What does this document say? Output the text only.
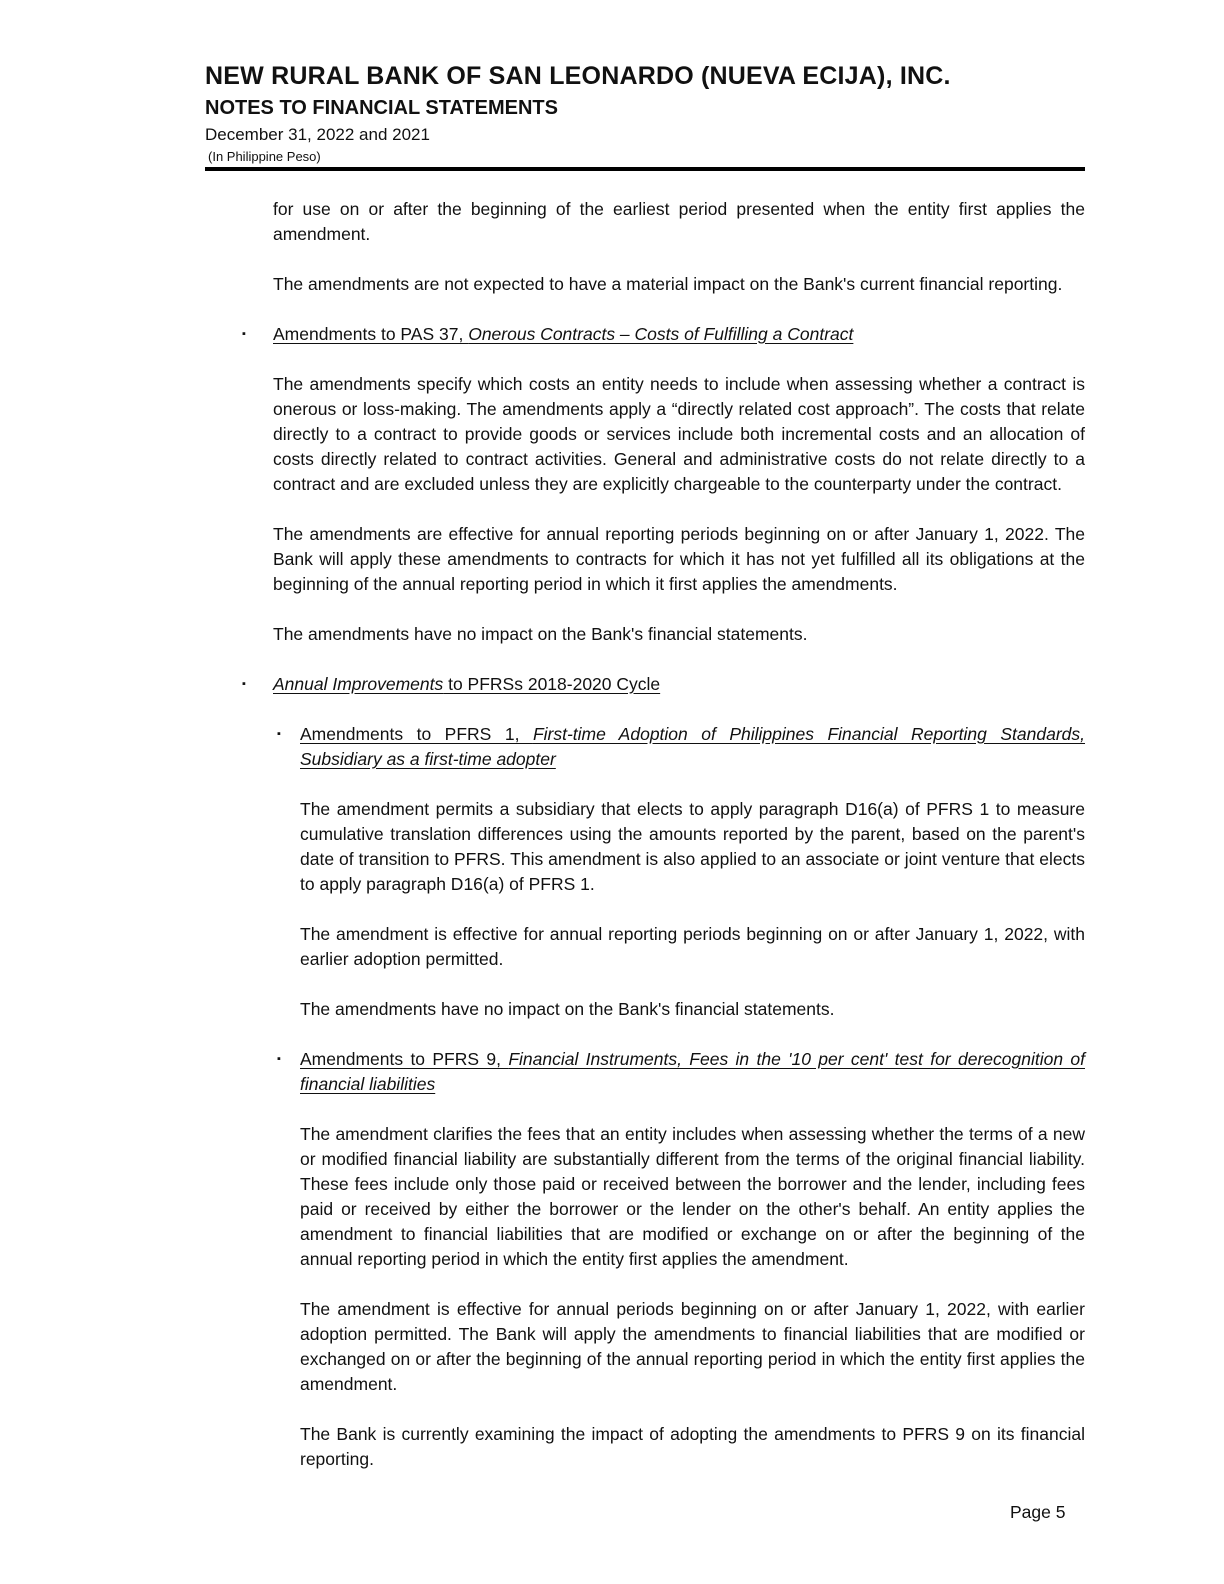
NEW RURAL BANK OF SAN LEONARDO (NUEVA ECIJA), INC.
NOTES TO FINANCIAL STATEMENTS
December 31, 2022 and 2021
(In Philippine Peso)

for use on or after the beginning of the earliest period presented when the entity first applies the amendment.

The amendments are not expected to have a material impact on the Bank's current financial reporting.

▪ Amendments to PAS 37, Onerous Contracts – Costs of Fulfilling a Contract

The amendments specify which costs an entity needs to include when assessing whether a contract is onerous or loss-making. The amendments apply a “directly related cost approach”. The costs that relate directly to a contract to provide goods or services include both incremental costs and an allocation of costs directly related to contract activities. General and administrative costs do not relate directly to a contract and are excluded unless they are explicitly chargeable to the counterparty under the contract.

The amendments are effective for annual reporting periods beginning on or after January 1, 2022. The Bank will apply these amendments to contracts for which it has not yet fulfilled all its obligations at the beginning of the annual reporting period in which it first applies the amendments.

The amendments have no impact on the Bank's financial statements.

▪ Annual Improvements to PFRSs 2018-2020 Cycle
▪ Amendments to PFRS 1, First-time Adoption of Philippines Financial Reporting Standards, Subsidiary as a first-time adopter

The amendment permits a subsidiary that elects to apply paragraph D16(a) of PFRS 1 to measure cumulative translation differences using the amounts reported by the parent, based on the parent's date of transition to PFRS. This amendment is also applied to an associate or joint venture that elects to apply paragraph D16(a) of PFRS 1.

The amendment is effective for annual reporting periods beginning on or after January 1, 2022, with earlier adoption permitted.

The amendments have no impact on the Bank's financial statements.

▪ Amendments to PFRS 9, Financial Instruments, Fees in the '10 per cent' test for derecognition of financial liabilities

The amendment clarifies the fees that an entity includes when assessing whether the terms of a new or modified financial liability are substantially different from the terms of the original financial liability. These fees include only those paid or received between the borrower and the lender, including fees paid or received by either the borrower or the lender on the other's behalf. An entity applies the amendment to financial liabilities that are modified or exchange on or after the beginning of the annual reporting period in which the entity first applies the amendment.

The amendment is effective for annual periods beginning on or after January 1, 2022, with earlier adoption permitted. The Bank will apply the amendments to financial liabilities that are modified or exchanged on or after the beginning of the annual reporting period in which the entity first applies the amendment.

The Bank is currently examining the impact of adopting the amendments to PFRS 9 on its financial reporting.

Page 5
